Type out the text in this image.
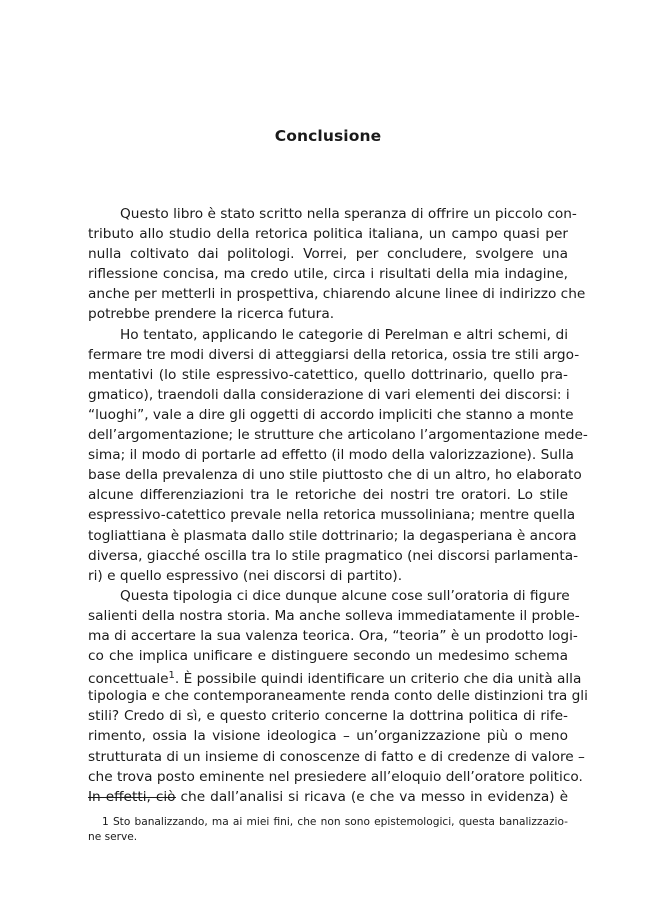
Conclusione
Questo libro è stato scritto nella speranza di offrire un piccolo con-
tributo allo studio della retorica politica italiana, un campo quasi per
nulla coltivato dai politologi. Vorrei, per concludere, svolgere una
riflessione concisa, ma credo utile, circa i risultati della mia indagine,
anche per metterli in prospettiva, chiarendo alcune linee di indirizzo che
potrebbe prendere la ricerca futura.
Ho tentato, applicando le categorie di Perelman e altri schemi, di
fermare tre modi diversi di atteggiarsi della retorica, ossia tre stili argo-
mentativi (lo stile espressivo-catettico, quello dottrinario, quello pra-
gmatico), traendoli dalla considerazione di vari elementi dei discorsi: i
“luoghi”, vale a dire gli oggetti di accordo impliciti che stanno a monte
dell’argomentazione; le strutture che articolano l’argomentazione mede-
sima; il modo di portarle ad effetto (il modo della valorizzazione). Sulla
base della prevalenza di uno stile piuttosto che di un altro, ho elaborato
alcune differenziazioni tra le retoriche dei nostri tre oratori. Lo stile
espressivo-catettico prevale nella retorica mussoliniana; mentre quella
togliattiana è plasmata dallo stile dottrinario; la degasperiana è ancora
diversa, giacché oscilla tra lo stile pragmatico (nei discorsi parlamenta-
ri) e quello espressivo (nei discorsi di partito).
Questa tipologia ci dice dunque alcune cose sull’oratoria di figure
salienti della nostra storia. Ma anche solleva immediatamente il proble-
ma di accertare la sua valenza teorica. Ora, “teoria” è un prodotto logi-
co che implica unificare e distinguere secondo un medesimo schema
concettuale$^1$. È possibile quindi identificare un criterio che dia unità alla
tipologia e che contemporaneamente renda conto delle distinzioni tra gli
stili? Credo di sì, e questo criterio concerne la dottrina politica di rife-
rimento, ossia la visione ideologica – un’organizzazione più o meno
strutturata di un insieme di conoscenze di fatto e di credenze di valore –
che trova posto eminente nel presiedere all’eloquio dell’oratore politico.
In effetti, ciò che dall’analisi si ricava (e che va messo in evidenza) è
1 Sto banalizzando, ma ai miei fini, che non sono epistemologici, questa banalizzazio-
ne serve.
